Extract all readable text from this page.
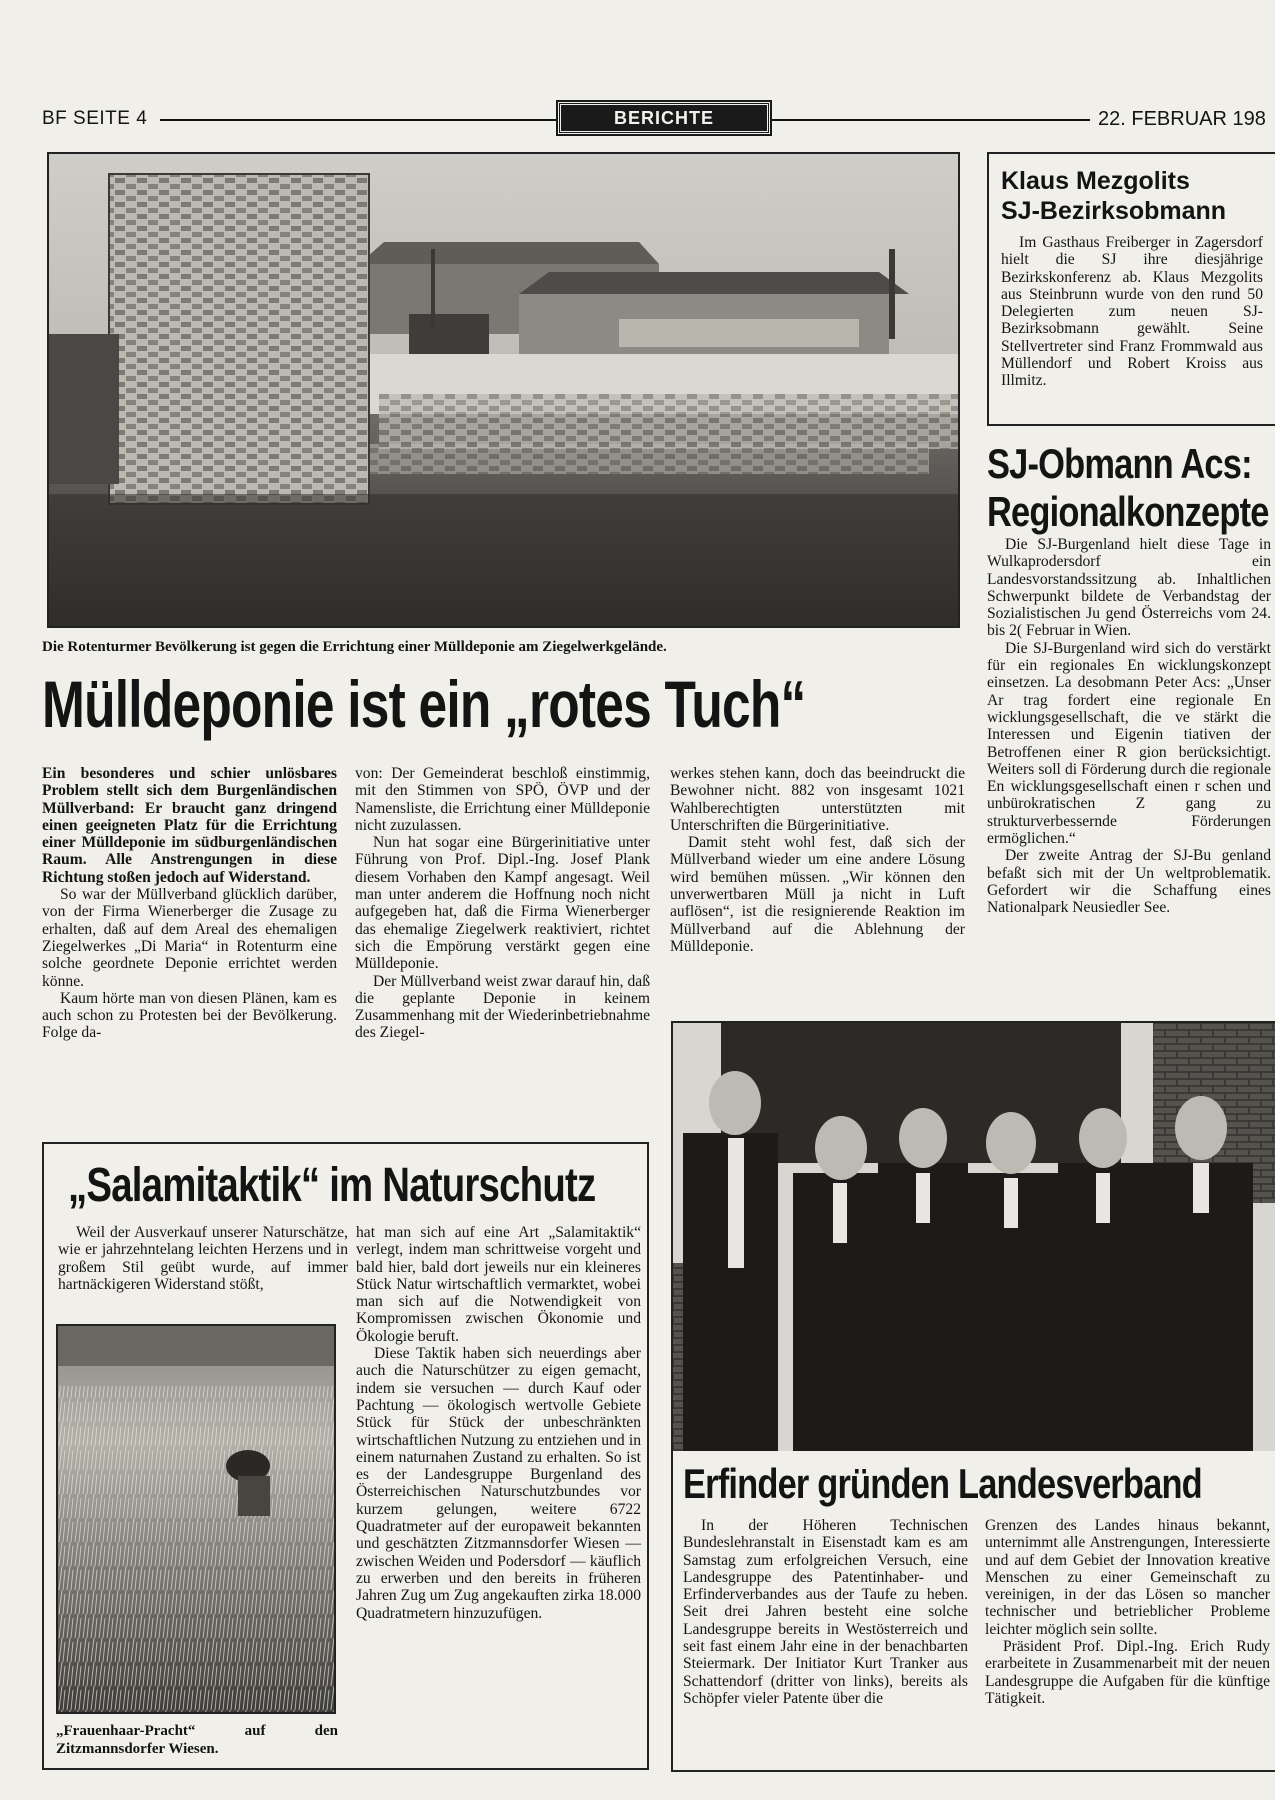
BF SEITE 4	BERICHTE	22. FEBRUAR 198
Die Rotenturmer Bevölkerung ist gegen die Errichtung einer Mülldeponie am Ziegelwerkgelände.
Mülldeponie ist ein „rotes Tuch“

Ein besonderes und schier unlösbares Problem stellt sich dem Burgenländischen Müllverband: Er braucht ganz dringend einen geeigneten Platz für die Errichtung einer Mülldeponie im südburgenländischen Raum. Alle Anstrengungen in diese Richtung stoßen jedoch auf Widerstand.

So war der Müllverband glücklich darüber, von der Firma Wienerberger die Zusage zu erhalten, daß auf dem Areal des ehemaligen Ziegelwerkes „Di Maria“ in Rotenturm eine solche geordnete Deponie errichtet werden könne.

Kaum hörte man von diesen Plänen, kam es auch schon zu Protesten bei der Bevölkerung. Folge da-

von: Der Gemeinderat beschloß einstimmig, mit den Stimmen von SPÖ, ÖVP und der Namensliste, die Errichtung einer Mülldeponie nicht zuzulassen.

Nun hat sogar eine Bürgerinitiative unter Führung von Prof. Dipl.-Ing. Josef Plank diesem Vorhaben den Kampf angesagt. Weil man unter anderem die Hoffnung noch nicht aufgegeben hat, daß die Firma Wienerberger das ehemalige Ziegelwerk reaktiviert, richtet sich die Empörung verstärkt gegen eine Mülldeponie.

Der Müllverband weist zwar darauf hin, daß die geplante Deponie in keinem Zusammenhang mit der Wiederinbetriebnahme des Ziegel-

werkes stehen kann, doch das beeindruckt die Bewohner nicht. 882 von insgesamt 1021 Wahlberechtigten unterstützten mit Unterschriften die Bürgerinitiative.

Damit steht wohl fest, daß sich der Müllverband wieder um eine andere Lösung wird bemühen müssen. „Wir können den unverwertbaren Müll ja nicht in Luft auflösen“, ist die resignierende Reaktion im Müllverband auf die Ablehnung der Mülldeponie.

Klaus Mezgolits
SJ-Bezirksobmann

Im Gasthaus Freiberger in Zagersdorf hielt die SJ ihre diesjährige Bezirkskonferenz ab. Klaus Mezgolits aus Steinbrunn wurde von den rund 50 Delegierten zum neuen SJ-Bezirksobmann gewählt. Seine Stellvertreter sind Franz Frommwald aus Müllendorf und Robert Kroiss aus Illmitz.

SJ-Obmann Acs:
Regionalkonzepte

Die SJ-Burgenland hielt diese Tage in Wulkaprodersdorf ein Landesvorstandssitzung ab. Inhaltlichen Schwerpunkt bildete de Verbandstag der Sozialistischen Ju gend Österreichs vom 24. bis 2( Februar in Wien.

Die SJ-Burgenland wird sich do verstärkt für ein regionales En wicklungskonzept einsetzen. La desobmann Peter Acs: „Unser Ar trag fordert eine regionale En wicklungsgesellschaft, die ve stärkt die Interessen und Eigenin tiativen der Betroffenen einer R gion berücksichtigt. Weiters soll di Förderung durch die regionale En wicklungsgesellschaft einen r schen und unbürokratischen Z gang zu strukturverbessernde Förderungen ermöglichen.“

Der zweite Antrag der SJ-Bu genland befaßt sich mit der Un weltproblematik. Gefordert wir die Schaffung eines Nationalpark Neusiedler See.

„Salamitaktik“ im Naturschutz

Weil der Ausverkauf unserer Naturschätze, wie er jahrzehntelang leichten Herzens und in großem Stil geübt wurde, auf immer hartnäckigeren Widerstand stößt,

„Frauenhaar-Pracht“ auf den Zitzmannsdorfer Wiesen.

hat man sich auf eine Art „Salamitaktik“ verlegt, indem man schrittweise vorgeht und bald hier, bald dort jeweils nur ein kleineres Stück Natur wirtschaftlich vermarktet, wobei man sich auf die Notwendigkeit von Kompromissen zwischen Ökonomie und Ökologie beruft.

Diese Taktik haben sich neuerdings aber auch die Naturschützer zu eigen gemacht, indem sie versuchen — durch Kauf oder Pachtung — ökologisch wertvolle Gebiete Stück für Stück der unbeschränkten wirtschaftlichen Nutzung zu entziehen und in einem naturnahen Zustand zu erhalten. So ist es der Landesgruppe Burgenland des Österreichischen Naturschutzbundes vor kurzem gelungen, weitere 6722 Quadratmeter auf der europaweit bekannten und geschätzten Zitzmannsdorfer Wiesen — zwischen Weiden und Podersdorf — käuflich zu erwerben und den bereits in früheren Jahren Zug um Zug angekauften zirka 18.000 Quadratmetern hinzuzufügen.

Erfinder gründen Landesverband

In der Höheren Technischen Bundeslehranstalt in Eisenstadt kam es am Samstag zum erfolgreichen Versuch, eine Landesgruppe des Patentinhaber- und Erfinderverbandes aus der Taufe zu heben. Seit drei Jahren besteht eine solche Landesgruppe bereits in Westösterreich und seit fast einem Jahr eine in der benachbarten Steiermark. Der Initiator Kurt Tranker aus Schattendorf (dritter von links), bereits als Schöpfer vieler Patente über die

Grenzen des Landes hinaus bekannt, unternimmt alle Anstrengungen, Interessierte und auf dem Gebiet der Innovation kreative Menschen zu einer Gemeinschaft zu vereinigen, in der das Lösen so mancher technischer und betrieblicher Probleme leichter möglich sein sollte.

Präsident Prof. Dipl.-Ing. Erich Rudy erarbeitete in Zusammenarbeit mit der neuen Landesgruppe die Aufgaben für die künftige Tätigkeit.
